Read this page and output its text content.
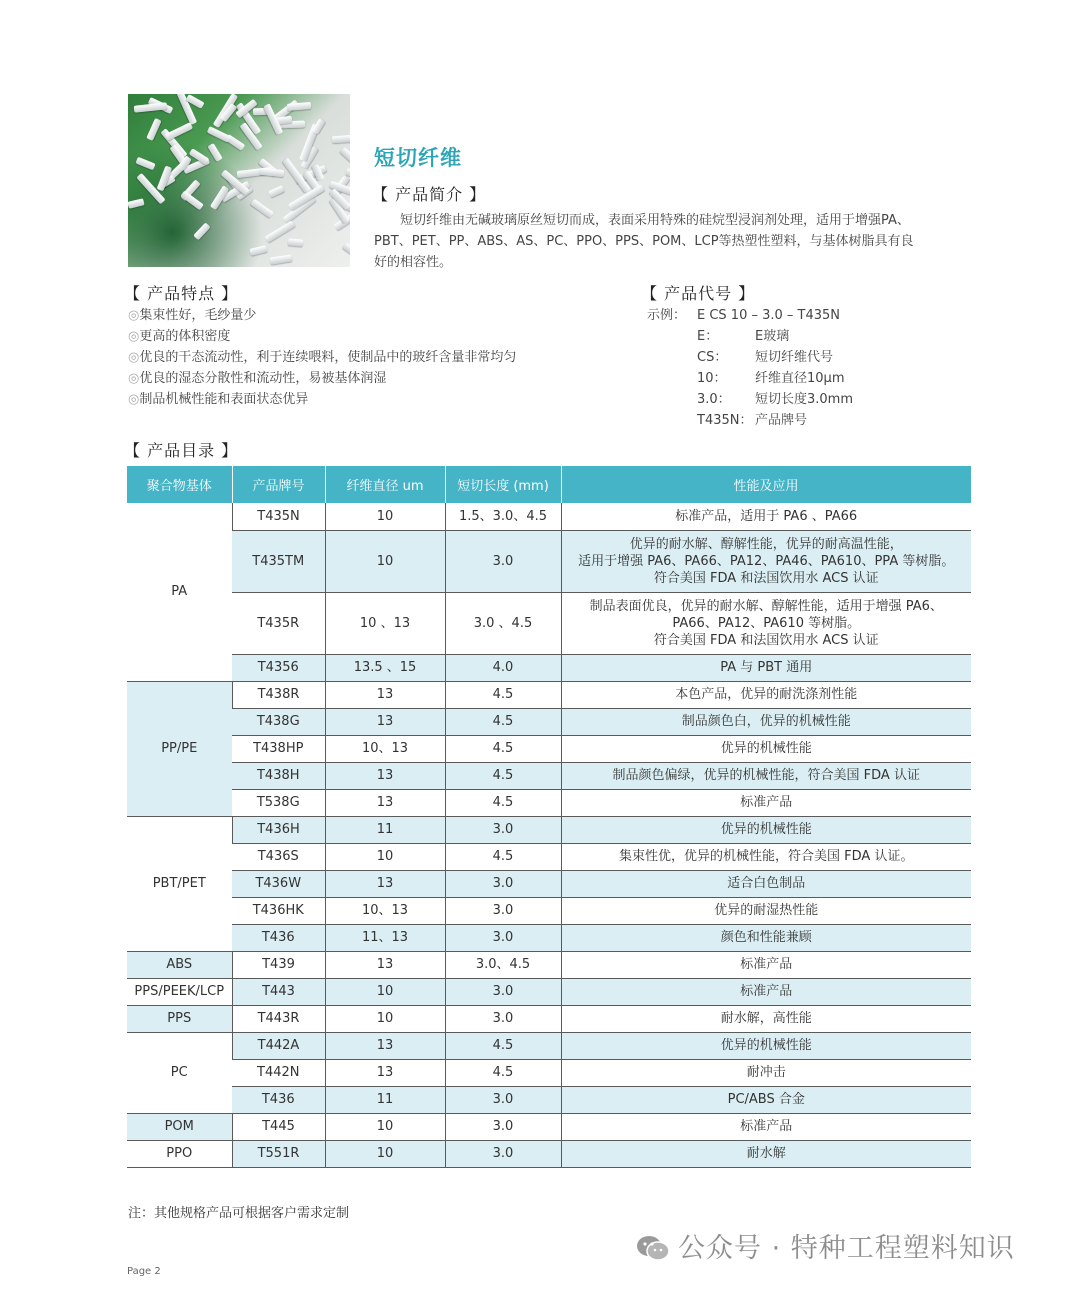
短切纤维
【 产品简介 】
　　短切纤维由无碱玻璃原丝短切而成，表面采用特殊的硅烷型浸润剂处理，适用于增强PA、
PBT、PET、PP、ABS、AS、PC、PPO、PPS、POM、LCP等热塑性塑料，与基体树脂具有良
好的相容性。
【 产品特点 】
◎集束性好，毛纱量少
◎更高的体积密度
◎优良的干态流动性，利于连续喂料，使制品中的玻纤含量非常均匀
◎优良的湿态分散性和流动性，易被基体润湿
◎制品机械性能和表面状态优异
【 产品代号 】
示例： E CS 10 – 3.0 – T435N
E：	E玻璃
CS： 短切纤维代号
10： 纤维直径10μm
3.0： 短切长度3.0mm
T435N： 产品牌号
【 产品目录 】
聚合物基体	产品牌号	纤维直径 um	短切长度 (mm)	性能及应用
PA	T435N	10	1.5、3.0、4.5	标准产品，适用于 PA6 、PA66
	T435TM	10	3.0	优异的耐水解、醇解性能，优异的耐高温性能，
适用于增强 PA6、PA66、PA12、PA46、PA610、PPA 等树脂。
符合美国 FDA 和法国饮用水 ACS 认证
	T435R	10 、13	3.0 、4.5	制品表面优良，优异的耐水解、醇解性能，适用于增强 PA6、
PA66、PA12、PA610 等树脂。
符合美国 FDA 和法国饮用水 ACS 认证
	T4356	13.5 、15	4.0	PA 与 PBT 通用
PP/PE	T438R	13	4.5	本色产品，优异的耐洗涤剂性能
	T438G	13	4.5	制品颜色白，优异的机械性能
	T438HP	10、13	4.5	优异的机械性能
	T438H	13	4.5	制品颜色偏绿，优异的机械性能，符合美国 FDA 认证
	T538G	13	4.5	标准产品
PBT/PET	T436H	11	3.0	优异的机械性能
	T436S	10	4.5	集束性优，优异的机械性能，符合美国 FDA 认证。
	T436W	13	3.0	适合白色制品
	T436HK	10、13	3.0	优异的耐湿热性能
	T436	11、13	3.0	颜色和性能兼顾
ABS	T439	13	3.0、4.5	标准产品
PPS/PEEK/LCP	T443	10	3.0	标准产品
PPS	T443R	10	3.0	耐水解，高性能
PC	T442A	13	4.5	优异的机械性能
	T442N	13	4.5	耐冲击
	T436	11	3.0	PC/ABS 合金
POM	T445	10	3.0	标准产品
PPO	T551R	10	3.0	耐水解
注：其他规格产品可根据客户需求定制
公众号 · 特种工程塑料知识
Page 2
